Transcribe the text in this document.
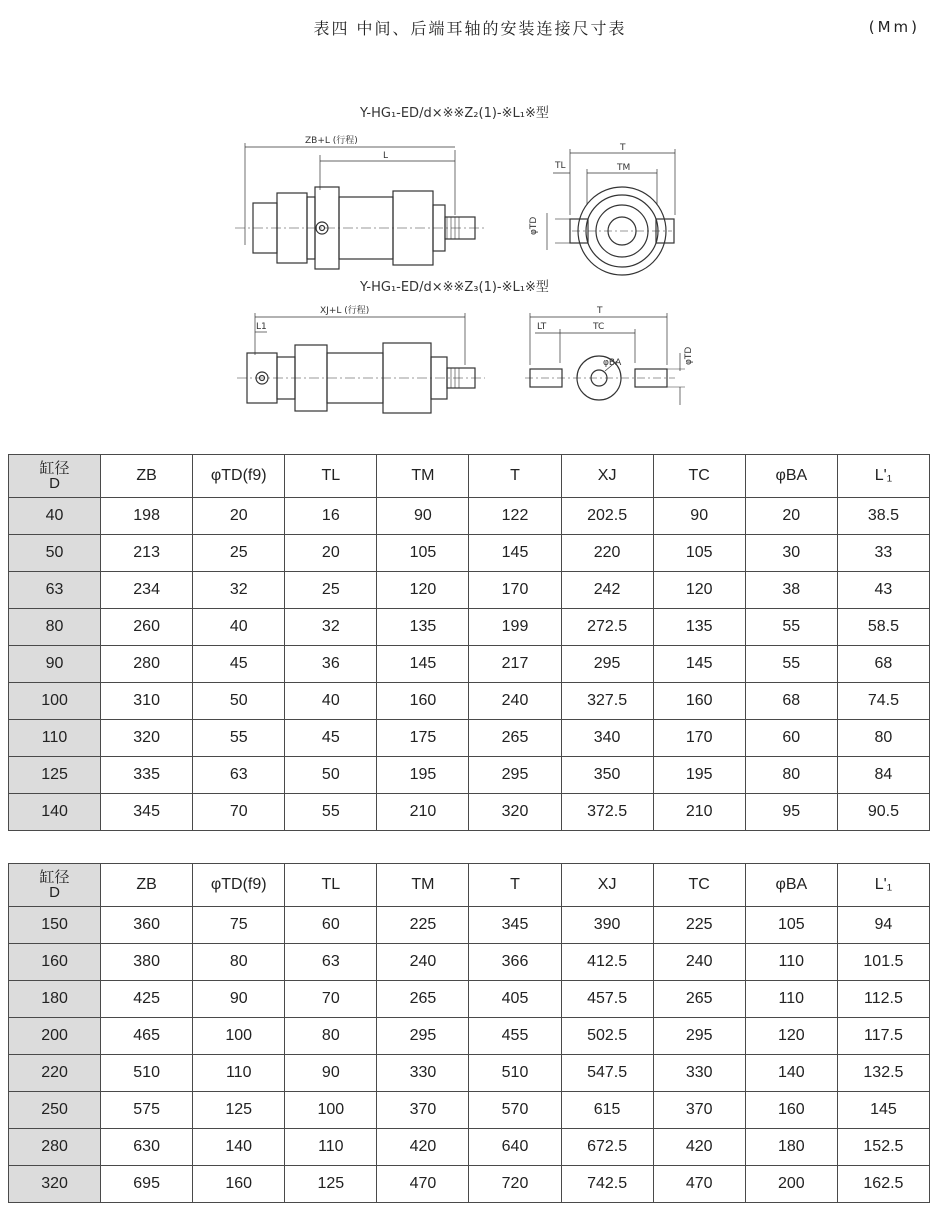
表四 中间、后端耳轴的安装连接尺寸表	(Mm)
Y-HG₁-ED/d×※※Z₂(1)-※L₁※型
Y-HG₁-ED/d×※※Z₃(1)-※L₁※型
ZB+L (行程)
L
T
TL	TM
φTD
XJ+L (行程)
L1
T
LT	TC
φBA	φTD
缸径
D	ZB	φTD(f9)	TL	TM	T	XJ	TC	φBA	L'₁
40	198	20	16	90	122	202.5	90	20	38.5
50	213	25	20	105	145	220	105	30	33
63	234	32	25	120	170	242	120	38	43
80	260	40	32	135	199	272.5	135	55	58.5
90	280	45	36	145	217	295	145	55	68
100	310	50	40	160	240	327.5	160	68	74.5
110	320	55	45	175	265	340	170	60	80
125	335	63	50	195	295	350	195	80	84
140	345	70	55	210	320	372.5	210	95	90.5
缸径
D	ZB	φTD(f9)	TL	TM	T	XJ	TC	φBA	L'₁
150	360	75	60	225	345	390	225	105	94
160	380	80	63	240	366	412.5	240	110	101.5
180	425	90	70	265	405	457.5	265	110	112.5
200	465	100	80	295	455	502.5	295	120	117.5
220	510	110	90	330	510	547.5	330	140	132.5
250	575	125	100	370	570	615	370	160	145
280	630	140	110	420	640	672.5	420	180	152.5
320	695	160	125	470	720	742.5	470	200	162.5
